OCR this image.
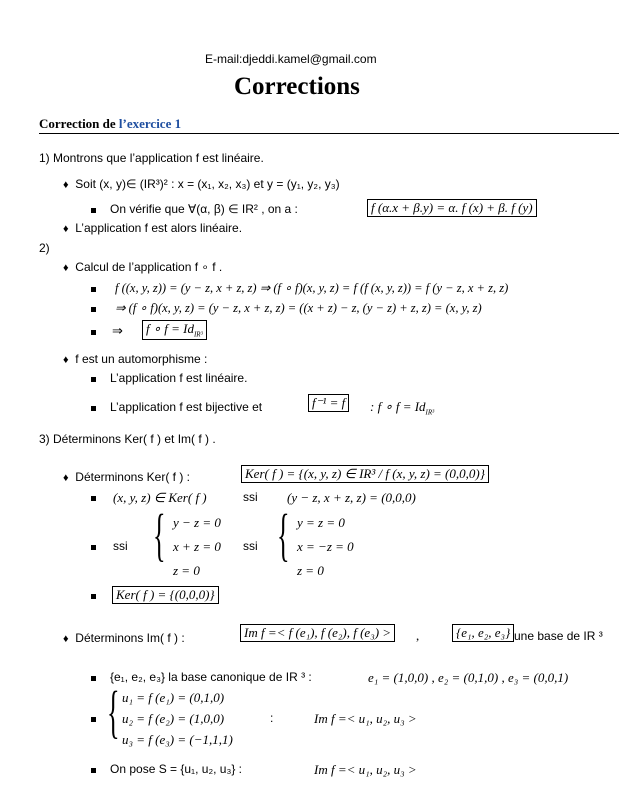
E-mail:djeddi.kamel@gmail.com
Corrections
Correction de l’exercice 1
1) Montrons que l’application f est linéaire.
♦ Soit (x, y)∈ (IR³)² : x = (x₁, x₂, x₃) et y = (y₁, y₂, y₃)
On vérifie que ∀(α, β) ∈ IR² , on a :	f (α.x + β.y) = α. f (x) + β. f (y)
♦ L’application f est alors linéaire.
2)
♦ Calcul de l’application f ∘ f .
f ((x, y, z)) = (y − z, x + z, z) ⇒ (f ∘ f)(x, y, z) = f (f (x, y, z)) = f (y − z, x + z, z)
⇒ (f ∘ f)(x, y, z) = (y − z, x + z, z) = ((x + z) − z, (y − z) + z, z) = (x, y, z)
⇒	f ∘ $f = Id_{IR^3}$
♦ f est un automorphisme :
L’application f est linéaire.
L’application f est bijective et	f⁻¹ = f	: f ∘ $f = Id_{IR^3}$
3) Déterminons Ker( f ) et Im( f ) .
♦ Déterminons Ker( f ) :	Ker( f ) = {(x, y, z) ∈ IR³ / f (x, y, z) = (0,0,0)}
(x, y, z) ∈ Ker( f )	ssi (y − z, x + z, z) = (0,0,0)
ssi { y − z = 0
x + z = 0
z = 0
ssi { y = z = 0
x = −z = 0
z = 0
Ker( f ) = {(0,0,0)}
♦ Déterminons Im( f ) :	Im f =< f (e₁), f (e₂), f (e₃) >	,	{e₁, e₂, e₃} une base de IR ³
{e₁, e₂, e₃} la base canonique de IR ³ :	e₁ = (1,0,0) , e₂ = (0,1,0) , e₃ = (0,0,1)
{ u₁ = f (e₁) = (0,1,0)
u₂ = f (e₂) = (1,0,0)
u₃ = f (e₃) = (−1,1,1)
:	Im f =< u₁, u₂, u₃ >
On pose S = {u₁, u₂, u₃} :	Im f =< u₁, u₂, u₃ >
